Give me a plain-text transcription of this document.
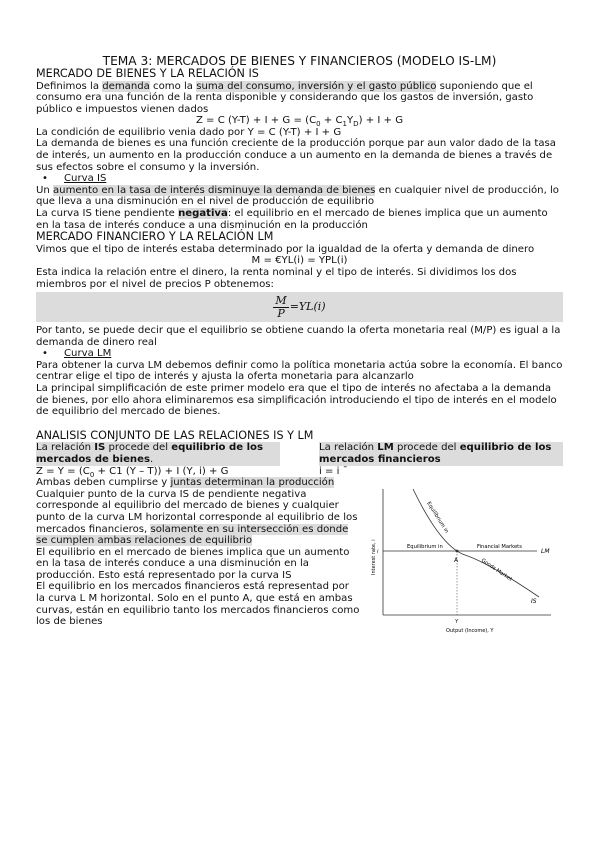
TEMA 3: MERCADOS DE BIENES Y FINANCIEROS (MODELO IS-LM)

MERCADO DE BIENES Y LA RELACIÓN IS

Definimos la demanda como la suma del consumo, inversión y el gasto público suponiendo que el consumo era una función de la renta disponible y considerando que los gastos de inversión, gasto público e impuestos vienen dados

Z = C $(Y-T) + I + G = (C_0 + C_1Y_D) + I + G$

La condición de equilibrio venia dado por Y = C (Y-T) + I + G

La demanda de bienes es una función creciente de la producción porque par aun valor dado de la tasa de interés, un aumento en la producción conduce a un aumento en la demanda de bienes a través de sus efectos sobre el consumo y la inversión.

• Curva IS

Un aumento en la tasa de interés disminuye la demanda de bienes en cualquier nivel de producción, lo que lleva a una disminución en el nivel de producción de equilibrio

La curva IS tiene pendiente negativa: el equilibrio en el mercado de bienes implica que un aumento en la tasa de interés conduce a una disminución en la producción

MERCADO FINANCIERO Y LA RELACIÓN LM

Vimos que el tipo de interés estaba determinado por la igualdad de la oferta y demanda de dinero

M = €YL(i) = YPL(i)

Esta indica la relación entre el dinero, la renta nominal y el tipo de interés. Si dividimos los dos miembros por el nivel de precios P obtenemos:

$\frac{M}{P} =YL(i)$

Por tanto, se puede decir que el equilibrio se obtiene cuando la oferta monetaria real (M/P) es igual a la demanda de dinero real

• Curva LM

Para obtener la curva LM debemos definir como la política monetaria actúa sobre la economía. El banco centrar elige el tipo de interés y ajusta la oferta monetaria para alcanzarlo

La principal simplificación de este primer modelo era que el tipo de interés no afectaba a la demanda de bienes, por ello ahora eliminaremos esa simplificación introduciendo el tipo de interés en el modelo de equilibrio del mercado de bienes.

ANALISIS CONJUNTO DE LAS RELACIONES IS Y LM

La relación IS procede del equilibrio de los mercados de bienes.

$Z = Y = (C_0 + C1$ (Y – T)) + I (Y, i) + G

La relación LM procede del equilibrio de los mercados financieros

i = i ¯

Ambas deben cumplirse y juntas determinan la producción

Cualquier punto de la curva IS de pendiente negativa corresponde al equilibrio del mercado de bienes y cualquier punto de la curva LM horizontal corresponde al equilibrio de los mercados financieros, solamente en su intersección es donde se cumplen ambas relaciones de equilibrio

El equilibrio en el mercado de bienes implica que un aumento en la tasa de interés conduce a una disminución en la producción. Esto está representado por la curva IS

El equilibrio en los mercados financieros está representad por la curva L M horizontal. Solo en el punto A, que está en ambas curvas, están en equilibrio tanto los mercados financieros como los de bienes

A
LM
IS
Equilibrium in	Financial Markets
Equilibrium in
Goods Market
Interest rate, i
Output (Income), Y
Y
i
